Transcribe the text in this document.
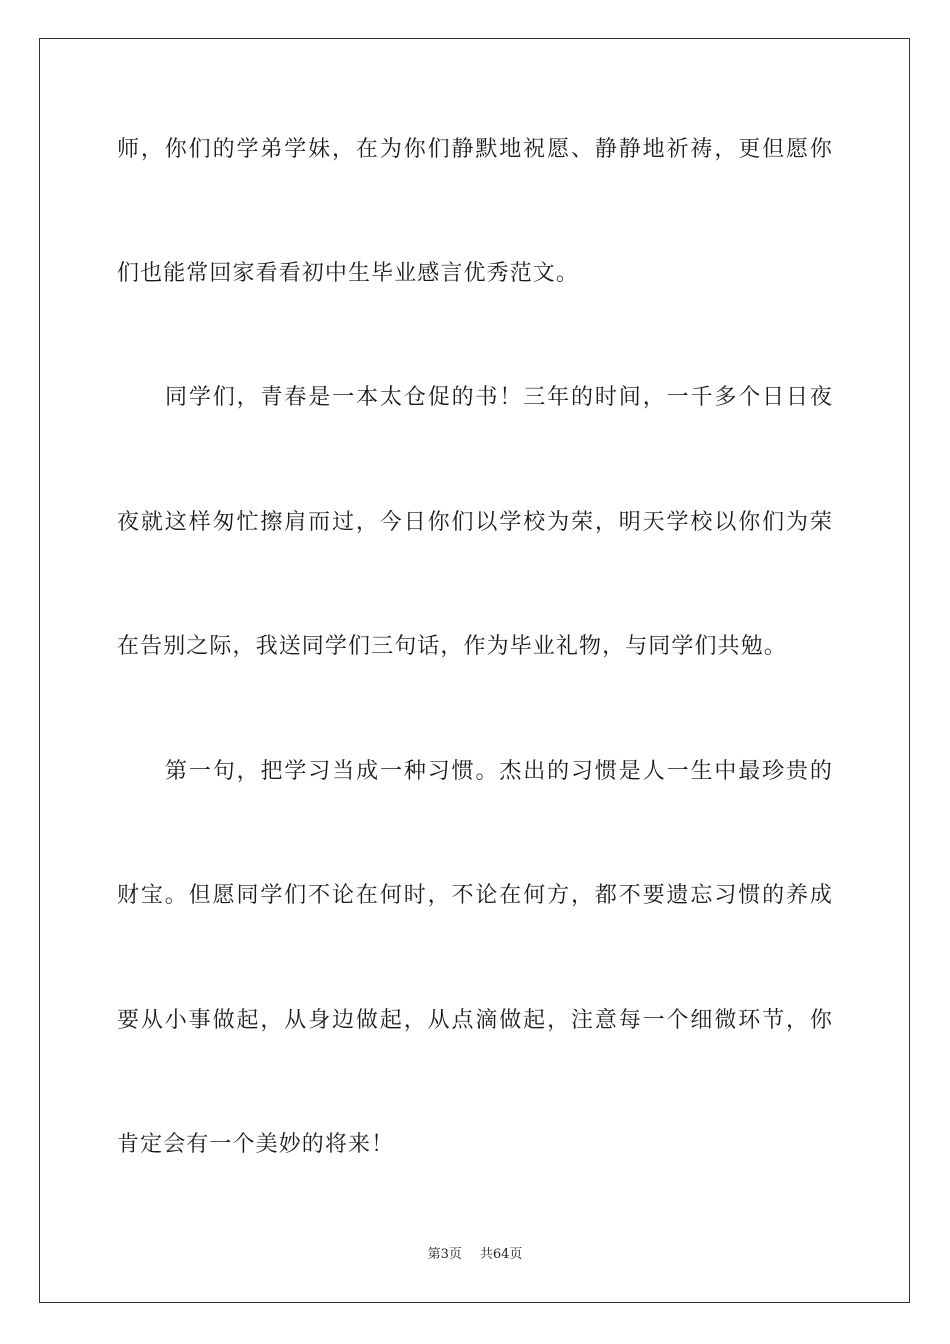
师，你们的学弟学妹，在为你们静默地祝愿、静静地祈祷，更但愿你
们也能常回家看看初中生毕业感言优秀范文。
同学们，青春是一本太仓促的书！三年的时间，一千多个日日夜
夜就这样匆忙擦肩而过，今日你们以学校为荣，明天学校以你们为荣
在告别之际，我送同学们三句话，作为毕业礼物，与同学们共勉。
第一句，把学习当成一种习惯。杰出的习惯是人一生中最珍贵的
财宝。但愿同学们不论在何时，不论在何方，都不要遗忘习惯的养成
要从小事做起，从身边做起，从点滴做起，注意每一个细微环节，你
肯定会有一个美妙的将来！
第3页 共64页
